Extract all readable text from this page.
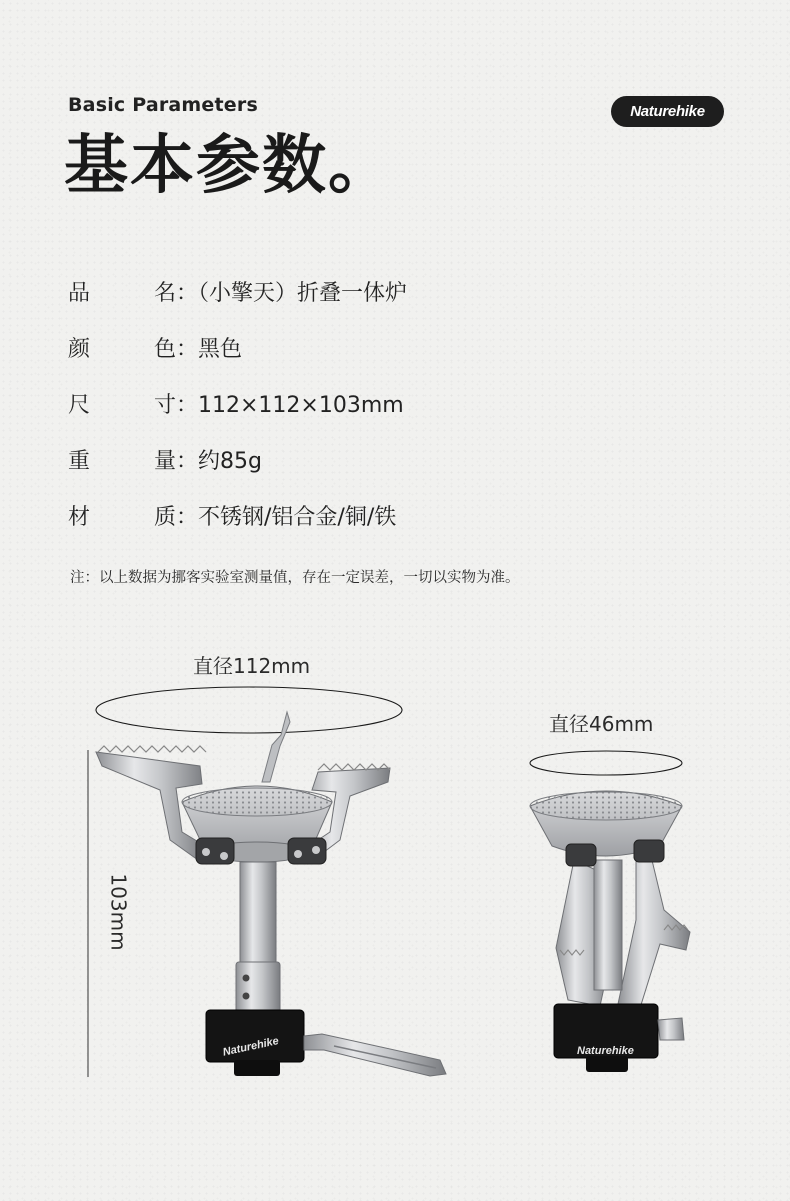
Basic Parameters
基本参数。
Naturehike
品	名：（小擎天）折叠一体炉
颜	色：黑色
尺	寸：112×112×103mm
重	量：约85g
材	质：不锈钢/铝合金/铜/铁
注：以上数据为挪客实验室测量值，存在一定误差，一切以实物为准。
直径112mm
直径46mm
103mm
Naturehike	Naturehike
